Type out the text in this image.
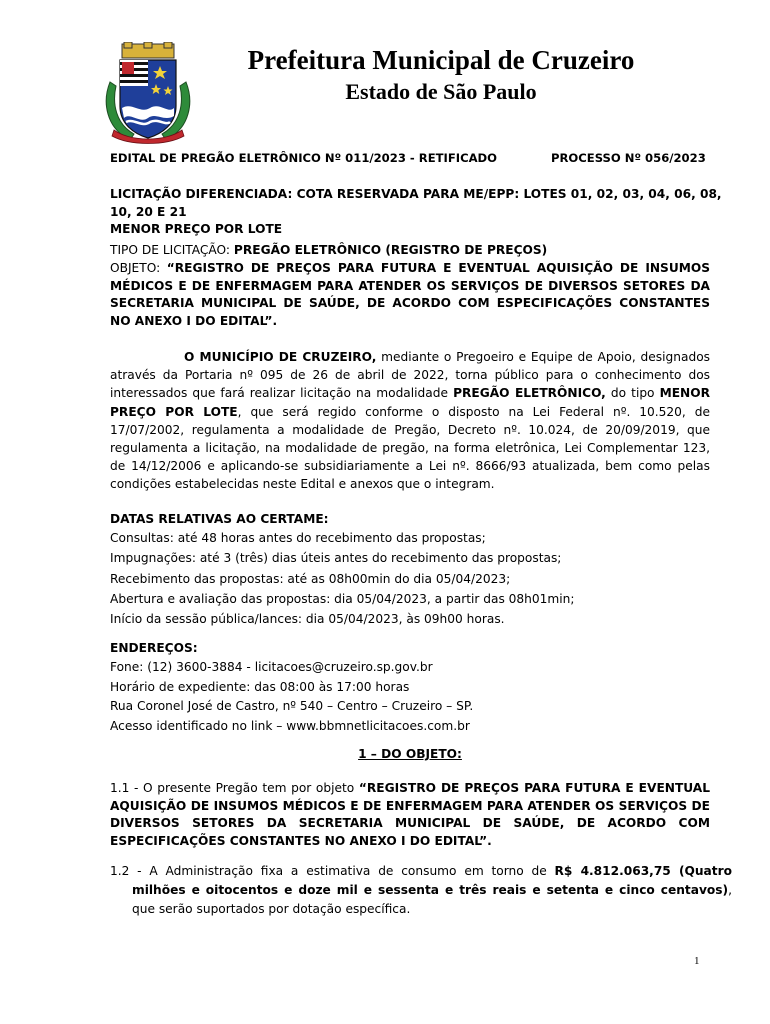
Prefeitura Municipal de Cruzeiro
Estado de São Paulo
EDITAL DE PREGÃO ELETRÔNICO Nº 011/2023 - RETIFICADO	PROCESSO Nº 056/2023
LICITAÇÃO DIFERENCIADA: COTA RESERVADA PARA ME/EPP: LOTES 01, 02, 03, 04, 06, 08,
10, 20 E 21
MENOR PREÇO POR LOTE
TIPO DE LICITAÇÃO: PREGÃO ELETRÔNICO (REGISTRO DE PREÇOS)
OBJETO: “REGISTRO DE PREÇOS PARA FUTURA E EVENTUAL AQUISIÇÃO DE INSUMOS MÉDICOS E DE ENFERMAGEM PARA ATENDER OS SERVIÇOS DE DIVERSOS SETORES DA SECRETARIA MUNICIPAL DE SAÚDE, DE ACORDO COM ESPECIFICAÇÕES CONSTANTES NO ANEXO I DO EDITAL”.
O MUNICÍPIO DE CRUZEIRO, mediante o Pregoeiro e Equipe de Apoio, designados através da Portaria nº 095 de 26 de abril de 2022, torna público para o conhecimento dos interessados que fará realizar licitação na modalidade PREGÃO ELETRÔNICO, do tipo MENOR PREÇO POR LOTE, que será regido conforme o disposto na Lei Federal nº. 10.520, de 17/07/2002, regulamenta a modalidade de Pregão, Decreto nº. 10.024, de 20/09/2019, que regulamenta a licitação, na modalidade de pregão, na forma eletrônica, Lei Complementar 123, de 14/12/2006 e aplicando-se subsidiariamente a Lei nº. 8666/93 atualizada, bem como pelas condições estabelecidas neste Edital e anexos que o integram.
DATAS RELATIVAS AO CERTAME:

Consultas: até 48 horas antes do recebimento das propostas;

Impugnações: até 3 (três) dias úteis antes do recebimento das propostas;

Recebimento das propostas: até as 08h00min do dia 05/04/2023;

Abertura e avaliação das propostas: dia 05/04/2023, a partir das 08h01min;

Início da sessão pública/lances: dia 05/04/2023, às 09h00 horas.

ENDEREÇOS:

Fone: (12) 3600-3884 - licitacoes@cruzeiro.sp.gov.br

Horário de expediente: das 08:00 às 17:00 horas

Rua Coronel José de Castro, nº 540 – Centro – Cruzeiro – SP.

Acesso identificado no link – www.bbmnetlicitacoes.com.br

1 – DO OBJETO:
1.1 - O presente Pregão tem por objeto “REGISTRO DE PREÇOS PARA FUTURA E EVENTUAL AQUISIÇÃO DE INSUMOS MÉDICOS E DE ENFERMAGEM PARA ATENDER OS SERVIÇOS DE DIVERSOS SETORES DA SECRETARIA MUNICIPAL DE SAÚDE, DE ACORDO COM ESPECIFICAÇÕES CONSTANTES NO ANEXO I DO EDITAL”.
1.2 - A Administração fixa a estimativa de consumo em torno de R$ 4.812.063,75 (Quatro milhões e oitocentos e doze mil e sessenta e três reais e setenta e cinco centavos), que serão suportados por dotação específica.
1
